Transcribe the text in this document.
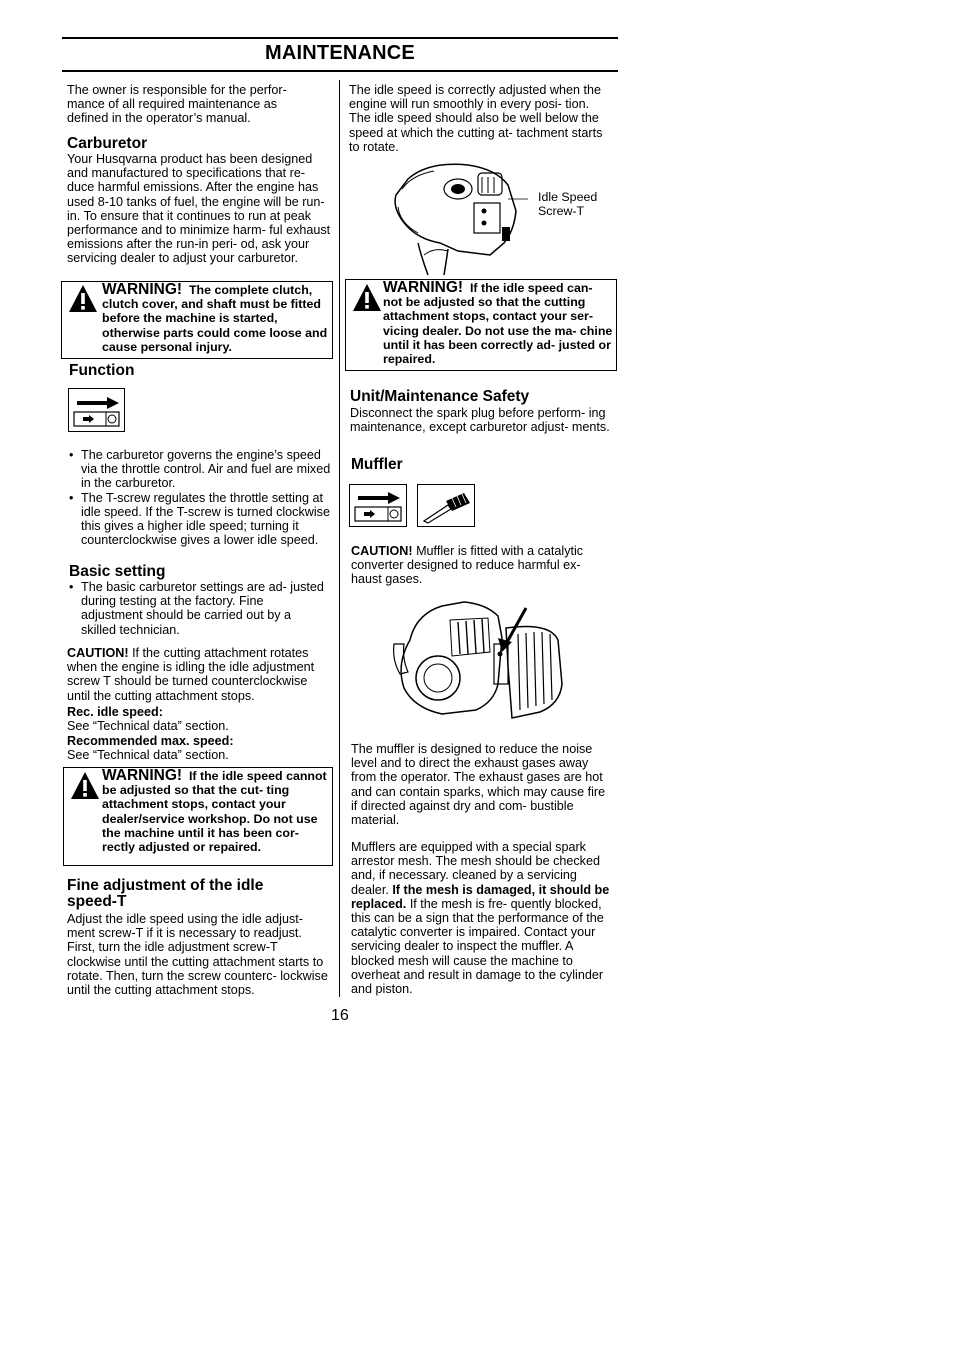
MAINTENANCE
The owner is responsible for the perfor- mance of all required maintenance as defined in the operator’s manual.
Carburetor
Your Husqvarna product has been designed and manufactured to specifications that re- duce harmful emissions. After the engine has used 8-10 tanks of fuel, the engine will be run-in. To ensure that it continues to run at peak performance and to minimize harm- ful exhaust emissions after the run-in peri- od, ask your servicing dealer to adjust your carburetor.
WARNING! The complete clutch, clutch cover, and shaft must be fitted before the machine is started, otherwise parts could come loose and cause personal injury.
Function
• The carburetor governs the engine’s speed via the throttle control. Air and fuel are mixed in the carburetor.
• The T-screw regulates the throttle setting at idle speed. If the T-screw is turned clockwise this gives a higher idle speed; turning it counterclockwise gives a lower idle speed.
Basic setting
• The basic carburetor settings are ad- justed during testing at the factory. Fine adjustment should be carried out by a skilled technician.
CAUTION! If the cutting attachment rotates when the engine is idling the idle adjustment screw T should be turned counterclockwise until the cutting attachment stops.
Rec. idle speed:
See “Technical data” section.
Recommended max. speed:
See “Technical data” section.
WARNING! If the idle speed cannot be adjusted so that the cut- ting attachment stops, contact your dealer/service workshop. Do not use the machine until it has been cor- rectly adjusted or repaired.
Fine adjustment of the idle speed-T
Adjust the idle speed using the idle adjust- ment screw-T if it is necessary to readjust. First, turn the idle adjustment screw-T clockwise until the cutting attachment starts to rotate. Then, turn the screw counterc- lockwise until the cutting attachment stops.
The idle speed is correctly adjusted when the engine will run smoothly in every posi- tion. The idle speed should also be well below the speed at which the cutting at- tachment starts to rotate.
Idle Speed
Screw-T
WARNING! If the idle speed can- not be adjusted so that the cutting attachment stops, contact your ser- vicing dealer. Do not use the ma- chine until it has been correctly ad- justed or repaired.
Unit/Maintenance Safety
Disconnect the spark plug before perform- ing maintenance, except carburetor adjust- ments.
Muffler
CAUTION! Muffler is fitted with a catalytic converter designed to reduce harmful ex- haust gases.
The muffler is designed to reduce the noise level and to direct the exhaust gases away from the operator. The exhaust gases are hot and can contain sparks, which may cause fire if directed against dry and com- bustible material.
Mufflers are equipped with a special spark arrestor mesh. The mesh should be checked and, if necessary. cleaned by a servicing dealer. If the mesh is damaged, it should be replaced. If the mesh is fre- quently blocked, this can be a sign that the performance of the catalytic converter is impaired. Contact your servicing dealer to inspect the muffler. A blocked mesh will cause the machine to overheat and result in damage to the cylinder and piston.
16
